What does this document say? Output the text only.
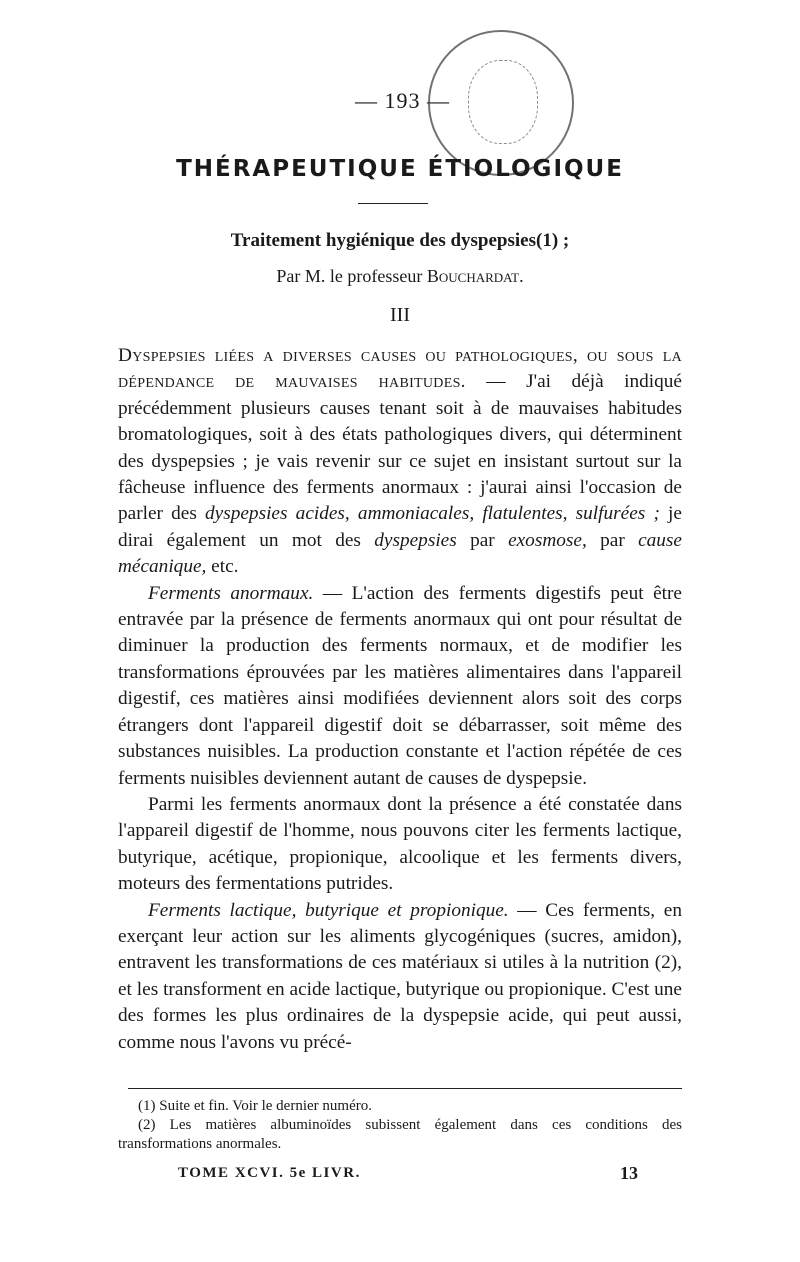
— 193 —
THÉRAPEUTIQUE ÉTIOLOGIQUE
Traitement hygiénique des dyspepsies(1) ;
Par M. le professeur Bouchardat.
III

Dyspepsies liées a diverses causes ou pathologiques, ou sous la dépendance de mauvaises habitudes. — J'ai déjà indiqué précédemment plusieurs causes tenant soit à de mauvaises habitudes bromatologiques, soit à des états pathologiques divers, qui déterminent des dyspepsies ; je vais revenir sur ce sujet en insistant surtout sur la fâcheuse influence des ferments anormaux : j'aurai ainsi l'occasion de parler des dyspepsies acides, ammoniacales, flatulentes, sulfurées ; je dirai également un mot des dyspepsies par exosmose, par cause mécanique, etc.

Ferments anormaux. — L'action des ferments digestifs peut être entravée par la présence de ferments anormaux qui ont pour résultat de diminuer la production des ferments normaux, et de modifier les transformations éprouvées par les matières alimentaires dans l'appareil digestif, ces matières ainsi modifiées deviennent alors soit des corps étrangers dont l'appareil digestif doit se débarrasser, soit même des substances nuisibles. La production constante et l'action répétée de ces ferments nuisibles deviennent autant de causes de dyspepsie.

Parmi les ferments anormaux dont la présence a été constatée dans l'appareil digestif de l'homme, nous pouvons citer les ferments lactique, butyrique, acétique, propionique, alcoolique et les ferments divers, moteurs des fermentations putrides.

Ferments lactique, butyrique et propionique. — Ces ferments, en exerçant leur action sur les aliments glycogéniques (sucres, amidon), entravent les transformations de ces matériaux si utiles à la nutrition (2), et les transforment en acide lactique, butyrique ou propionique. C'est une des formes les plus ordinaires de la dyspepsie acide, qui peut aussi, comme nous l'avons vu précé-

(1) Suite et fin. Voir le dernier numéro.

(2) Les matières albuminoïdes subissent également dans ces conditions des transformations anormales.

TOME XCVI. 5e LIVR.	13
